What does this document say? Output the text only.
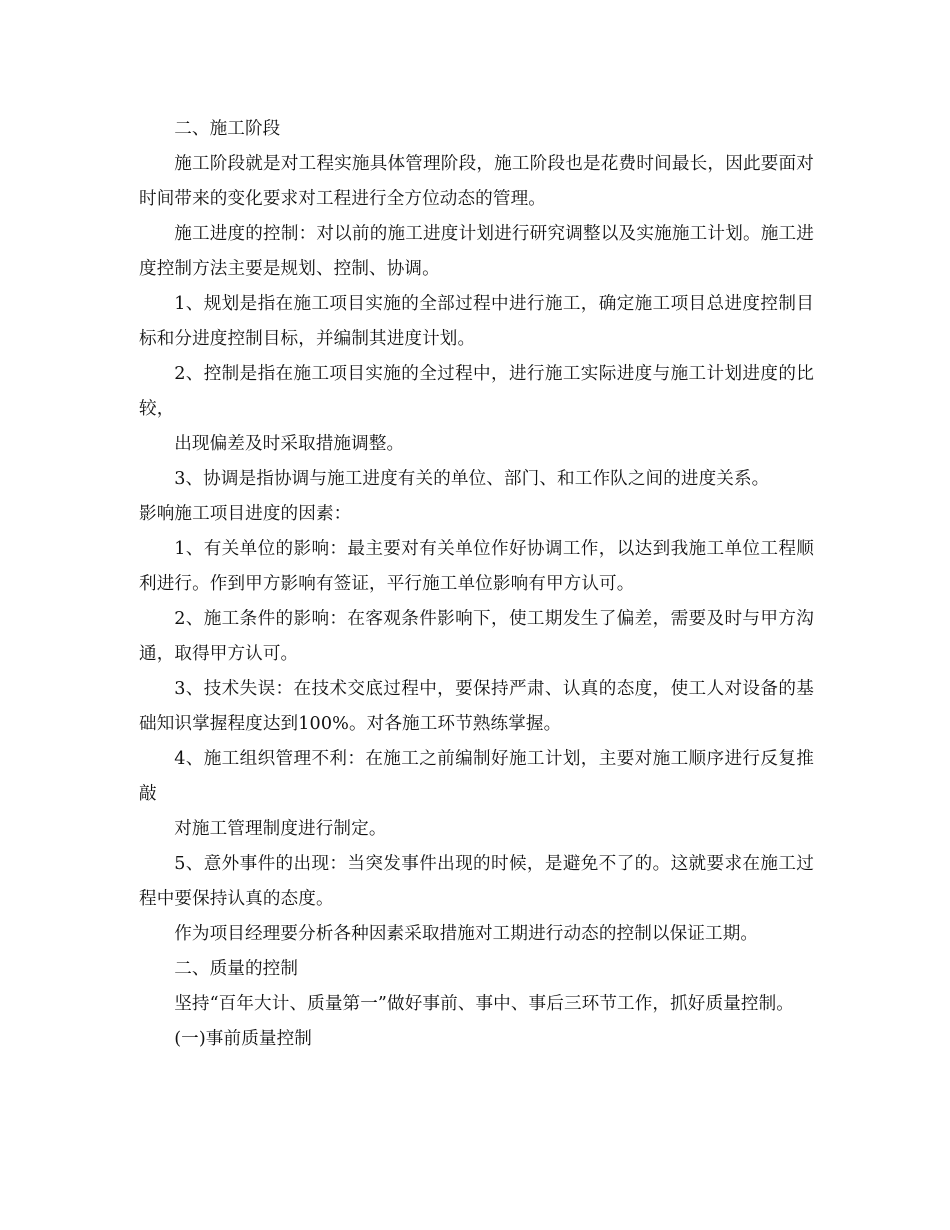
二、施工阶段

施工阶段就是对工程实施具体管理阶段，施工阶段也是花费时间最长，因此要面对时间带来的变化要求对工程进行全方位动态的管理。

施工进度的控制：对以前的施工进度计划进行研究调整以及实施施工计划。施工进度控制方法主要是规划、控制、协调。

1、规划是指在施工项目实施的全部过程中进行施工，确定施工项目总进度控制目标和分进度控制目标，并编制其进度计划。

2、控制是指在施工项目实施的全过程中，进行施工实际进度与施工计划进度的比较，

出现偏差及时采取措施调整。

3、协调是指协调与施工进度有关的单位、部门、和工作队之间的进度关系。

影响施工项目进度的因素：

1、有关单位的影响：最主要对有关单位作好协调工作，以达到我施工单位工程顺利进行。作到甲方影响有签证，平行施工单位影响有甲方认可。

2、施工条件的影响：在客观条件影响下，使工期发生了偏差，需要及时与甲方沟通，取得甲方认可。

3、技术失误：在技术交底过程中，要保持严肃、认真的态度，使工人对设备的基础知识掌握程度达到100%。对各施工环节熟练掌握。

4、施工组织管理不利：在施工之前编制好施工计划，主要对施工顺序进行反复推敲

对施工管理制度进行制定。

5、意外事件的出现：当突发事件出现的时候，是避免不了的。这就要求在施工过程中要保持认真的态度。

作为项目经理要分析各种因素采取措施对工期进行动态的控制以保证工期。

二、质量的控制

坚持“百年大计、质量第一”做好事前、事中、事后三环节工作，抓好质量控制。

(一)事前质量控制
